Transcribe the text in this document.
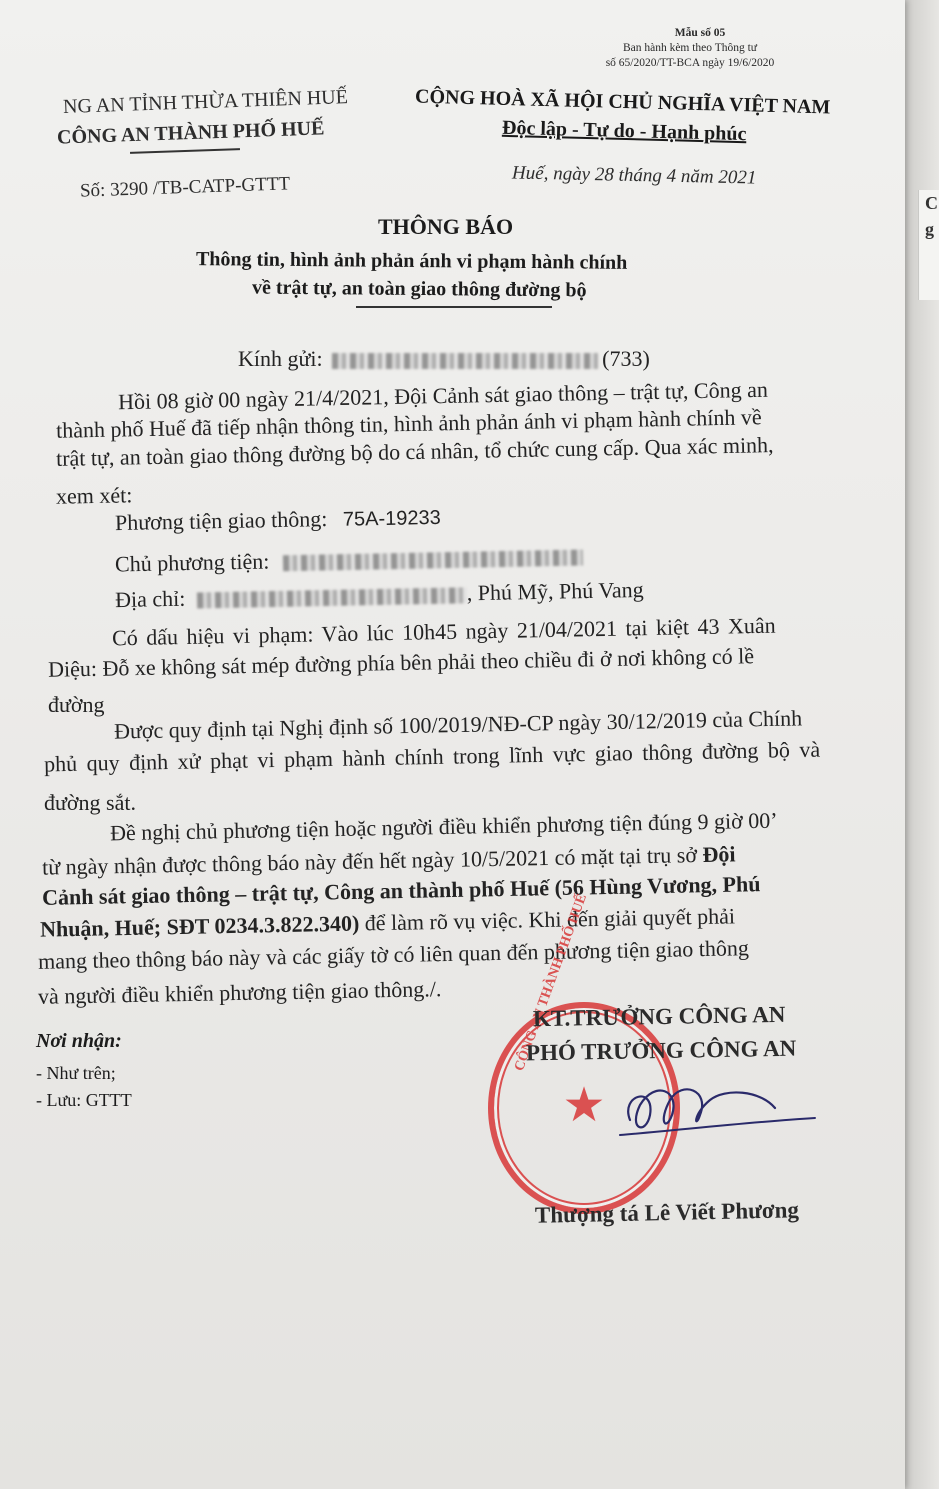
C
g
Mẫu số 05
Ban hành kèm theo Thông tư
số 65/2020/TT-BCA ngày 19/6/2020
NG AN TỈNH THỪA THIÊN HUẾ
CÔNG AN THÀNH PHỐ HUẾ
Số: 3290 /TB-CATP-GTTT
CỘNG HOÀ XÃ HỘI CHỦ NGHĨA VIỆT NAM
Độc lập - Tự do - Hạnh phúc
Huế, ngày 28 tháng 4 năm 2021
THÔNG BÁO
Thông tin, hình ảnh phản ánh vi phạm hành chính
về trật tự, an toàn giao thông đường bộ
Kính gửi:	(733)
Hồi 08 giờ 00 ngày 21/4/2021, Đội Cảnh sát giao thông – trật tự, Công an
thành phố Huế đã tiếp nhận thông tin, hình ảnh phản ánh vi phạm hành chính về
trật tự, an toàn giao thông đường bộ do cá nhân, tổ chức cung cấp. Qua xác minh,
xem xét:
Phương tiện giao thông: 75A-19233
Chủ phương tiện:
Địa chỉ:	, Phú Mỹ, Phú Vang
Có dấu hiệu vi phạm: Vào lúc 10h45 ngày 21/04/2021 tại kiệt 43 Xuân
Diệu: Đỗ xe không sát mép đường phía bên phải theo chiều đi ở nơi không có lề
đường
Được quy định tại Nghị định số 100/2019/NĐ-CP ngày 30/12/2019 của Chính
phủ quy định xử phạt vi phạm hành chính trong lĩnh vực giao thông đường bộ và
đường sắt.
Đề nghị chủ phương tiện hoặc người điều khiển phương tiện đúng 9 giờ 00’
từ ngày nhận được thông báo này đến hết ngày 10/5/2021 có mặt tại trụ sở Đội
Cảnh sát giao thông – trật tự, Công an thành phố Huế (56 Hùng Vương, Phú
Nhuận, Huế; SĐT 0234.3.822.340) để làm rõ vụ việc. Khi đến giải quyết phải
mang theo thông báo này và các giấy tờ có liên quan đến phương tiện giao thông
và người điều khiển phương tiện giao thông./.
Nơi nhận:
- Như trên;
- Lưu: GTTT	★
CÔNG AN THÀNH PHỐ HUẾ
KT.TRƯỞNG CÔNG AN
PHÓ TRƯỞNG CÔNG AN
Thượng tá Lê Viết Phương
